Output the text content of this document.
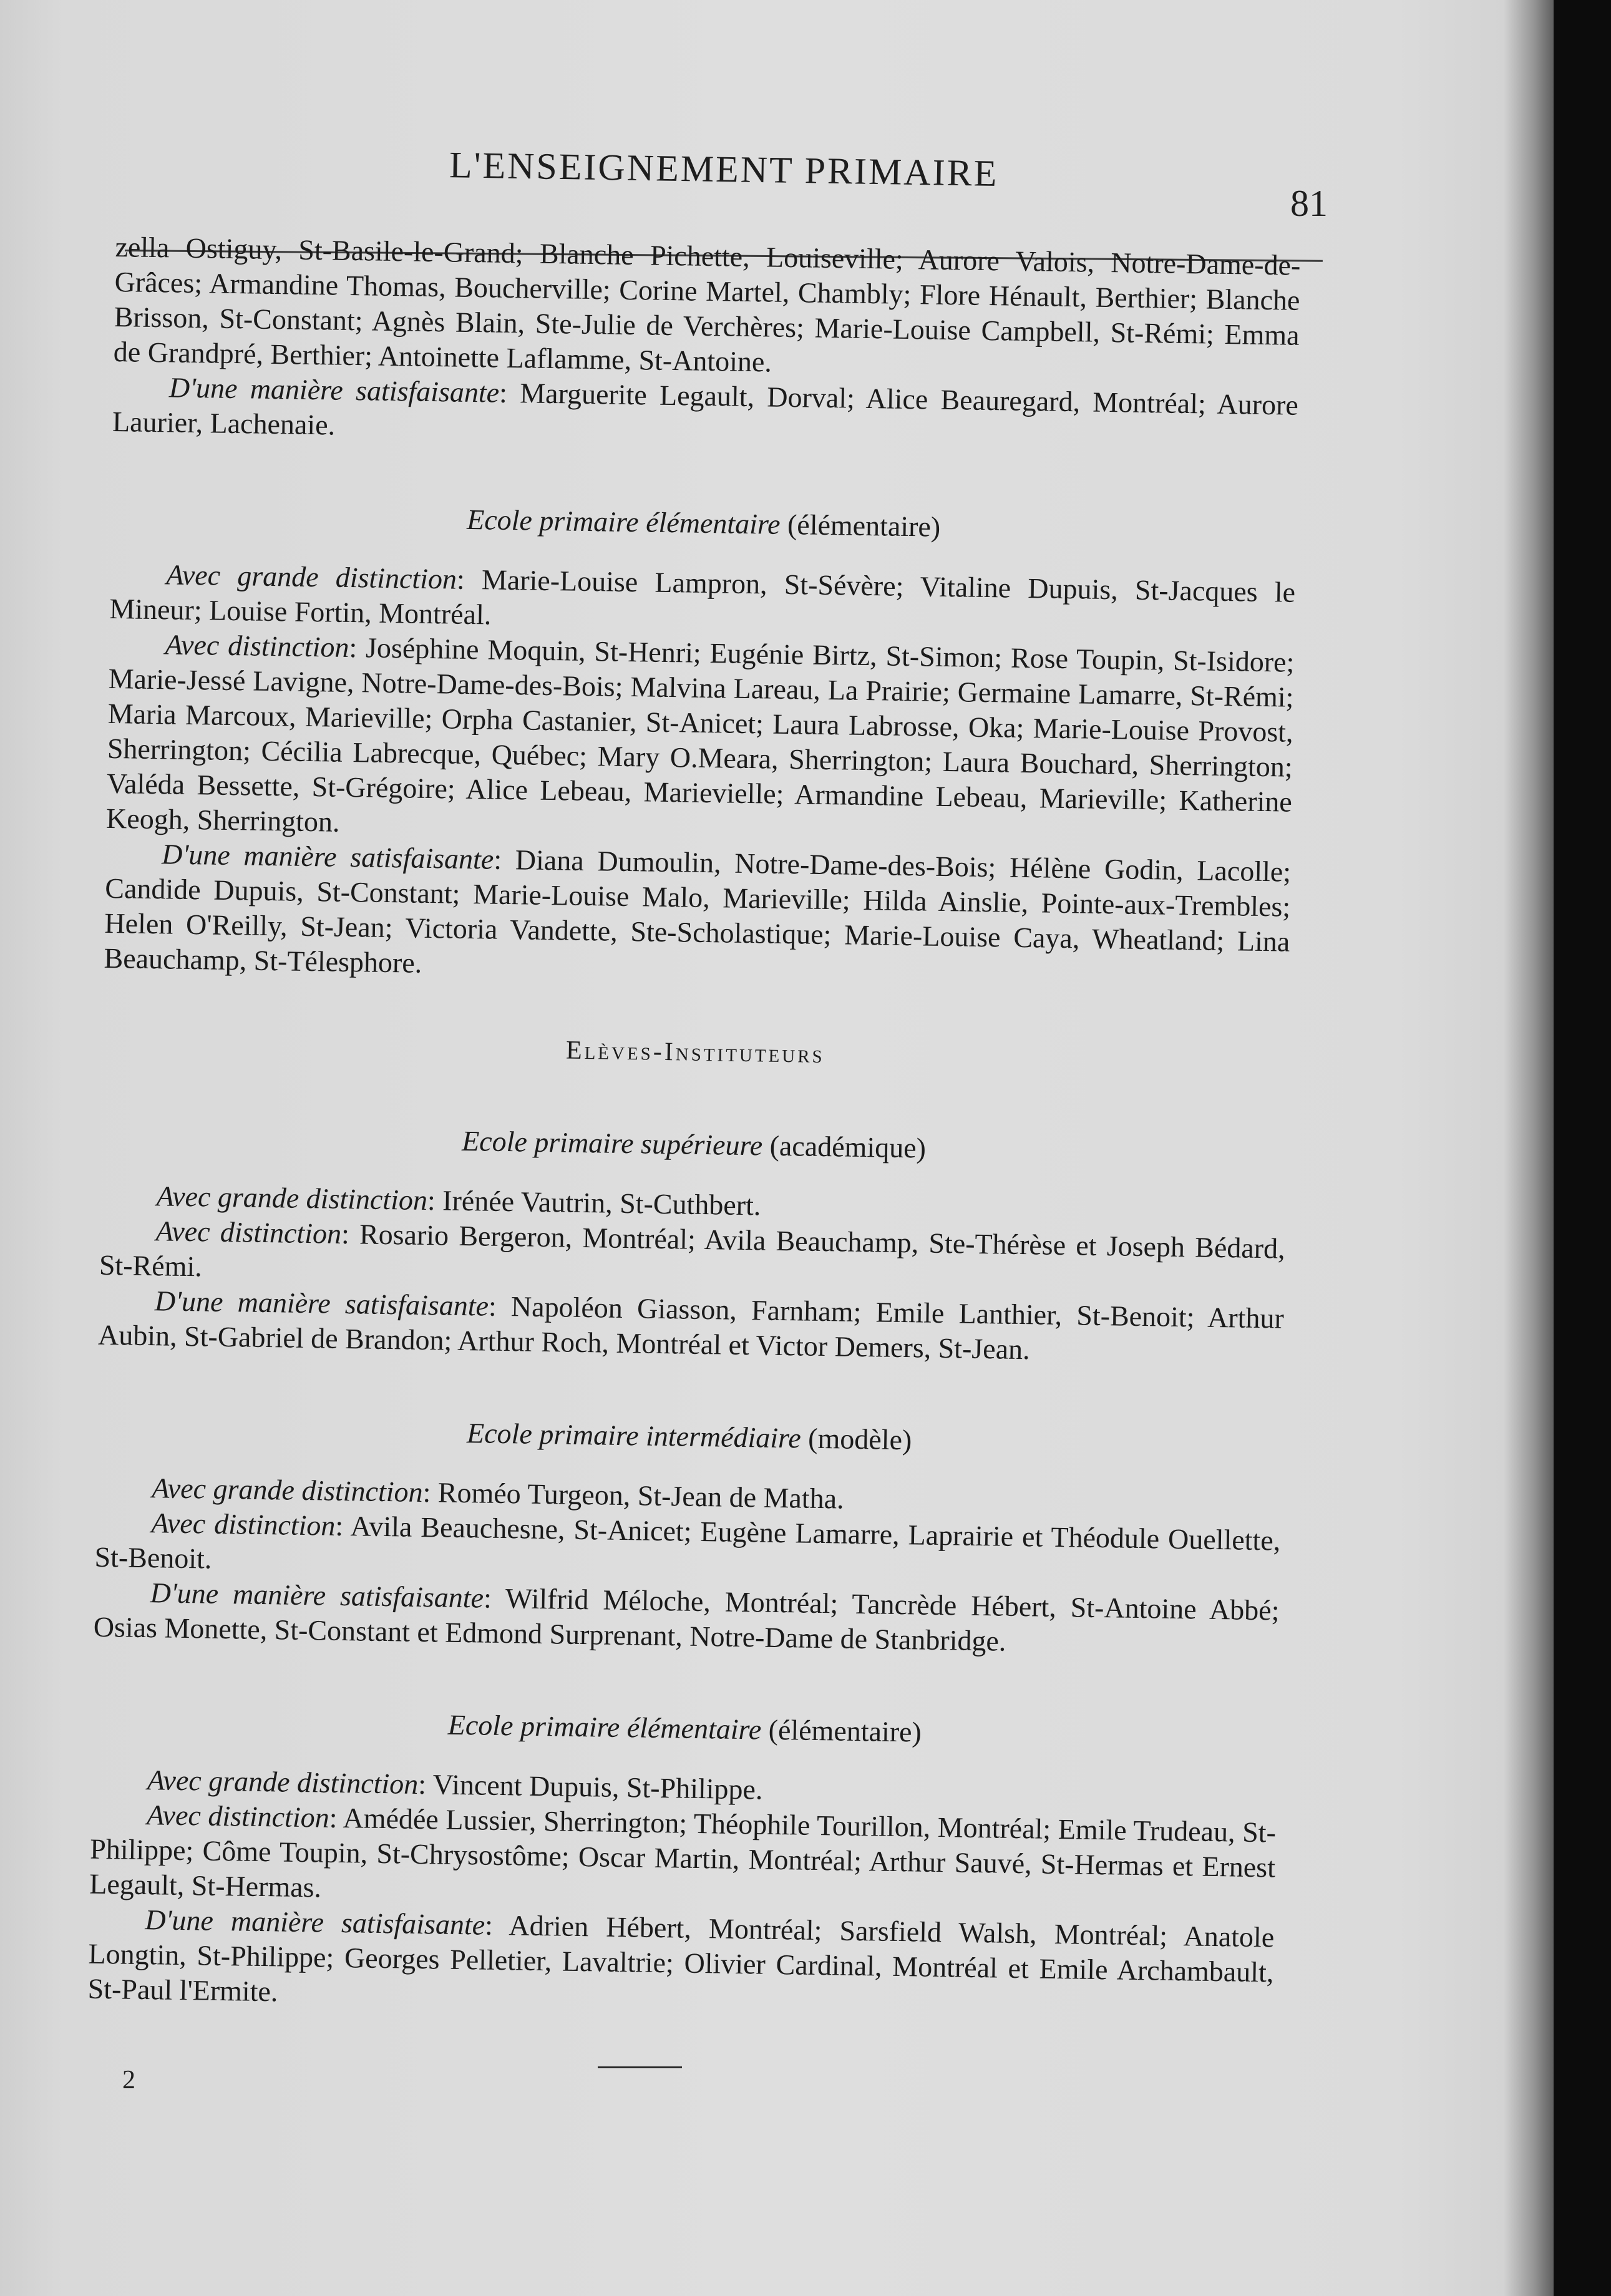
L'ENSEIGNEMENT PRIMAIRE
81

zella Ostiguy, St-Basile-le-Grand; Blanche Pichette, Louiseville; Aurore Valois, Notre-Dame-de-Grâces; Armandine Thomas, Boucherville; Corine Martel, Chambly; Flore Hénault, Berthier; Blanche Brisson, St-Constant; Agnès Blain, Ste-Julie de Verchères; Marie-Louise Campbell, St-Rémi; Emma de Grandpré, Berthier; Antoinette Laflamme, St-Antoine.

D'une manière satisfaisante: Marguerite Legault, Dorval; Alice Beauregard, Montréal; Aurore Laurier, Lachenaie.

Ecole primaire élémentaire (élémentaire)

Avec grande distinction: Marie-Louise Lampron, St-Sévère; Vitaline Dupuis, St-Jacques le Mineur; Louise Fortin, Montréal.

Avec distinction: Joséphine Moquin, St-Henri; Eugénie Birtz, St-Simon; Rose Toupin, St-Isidore; Marie-Jessé Lavigne, Notre-Dame-des-Bois; Malvina Lareau, La Prairie; Germaine Lamarre, St-Rémi; Maria Marcoux, Marieville; Orpha Castanier, St-Anicet; Laura Labrosse, Oka; Marie-Louise Provost, Sherrington; Cécilia Labrecque, Québec; Mary O.Meara, Sherrington; Laura Bouchard, Sherrington; Valéda Bessette, St-Grégoire; Alice Lebeau, Marievielle; Armandine Lebeau, Marieville; Katherine Keogh, Sherrington.

D'une manière satisfaisante: Diana Dumoulin, Notre-Dame-des-Bois; Hélène Godin, Lacolle; Candide Dupuis, St-Constant; Marie-Louise Malo, Marieville; Hilda Ainslie, Pointe-aux-Trembles; Helen O'Reilly, St-Jean; Victoria Vandette, Ste-Scholastique; Marie-Louise Caya, Wheatland; Lina Beauchamp, St-Télesphore.

Elèves-Instituteurs
Ecole primaire supérieure (académique)

Avec grande distinction: Irénée Vautrin, St-Cuthbert.

Avec distinction: Rosario Bergeron, Montréal; Avila Beauchamp, Ste-Thérèse et Joseph Bédard, St-Rémi.

D'une manière satisfaisante: Napoléon Giasson, Farnham; Emile Lanthier, St-Benoit; Arthur Aubin, St-Gabriel de Brandon; Arthur Roch, Montréal et Victor Demers, St-Jean.

Ecole primaire intermédiaire (modèle)

Avec grande distinction: Roméo Turgeon, St-Jean de Matha.

Avec distinction: Avila Beauchesne, St-Anicet; Eugène Lamarre, Laprairie et Théodule Ouellette, St-Benoit.

D'une manière satisfaisante: Wilfrid Méloche, Montréal; Tancrède Hébert, St-Antoine Abbé; Osias Monette, St-Constant et Edmond Surprenant, Notre-Dame de Stanbridge.

Ecole primaire élémentaire (élémentaire)

Avec grande distinction: Vincent Dupuis, St-Philippe.

Avec distinction: Amédée Lussier, Sherrington; Théophile Tourillon, Montréal; Emile Trudeau, St-Philippe; Côme Toupin, St-Chrysostôme; Oscar Martin, Montréal; Arthur Sauvé, St-Hermas et Ernest Legault, St-Hermas.

D'une manière satisfaisante: Adrien Hébert, Montréal; Sarsfield Walsh, Montréal; Anatole Longtin, St-Philippe; Georges Pelletier, Lavaltrie; Olivier Cardinal, Montréal et Emile Archambault, St-Paul l'Ermite.

2
